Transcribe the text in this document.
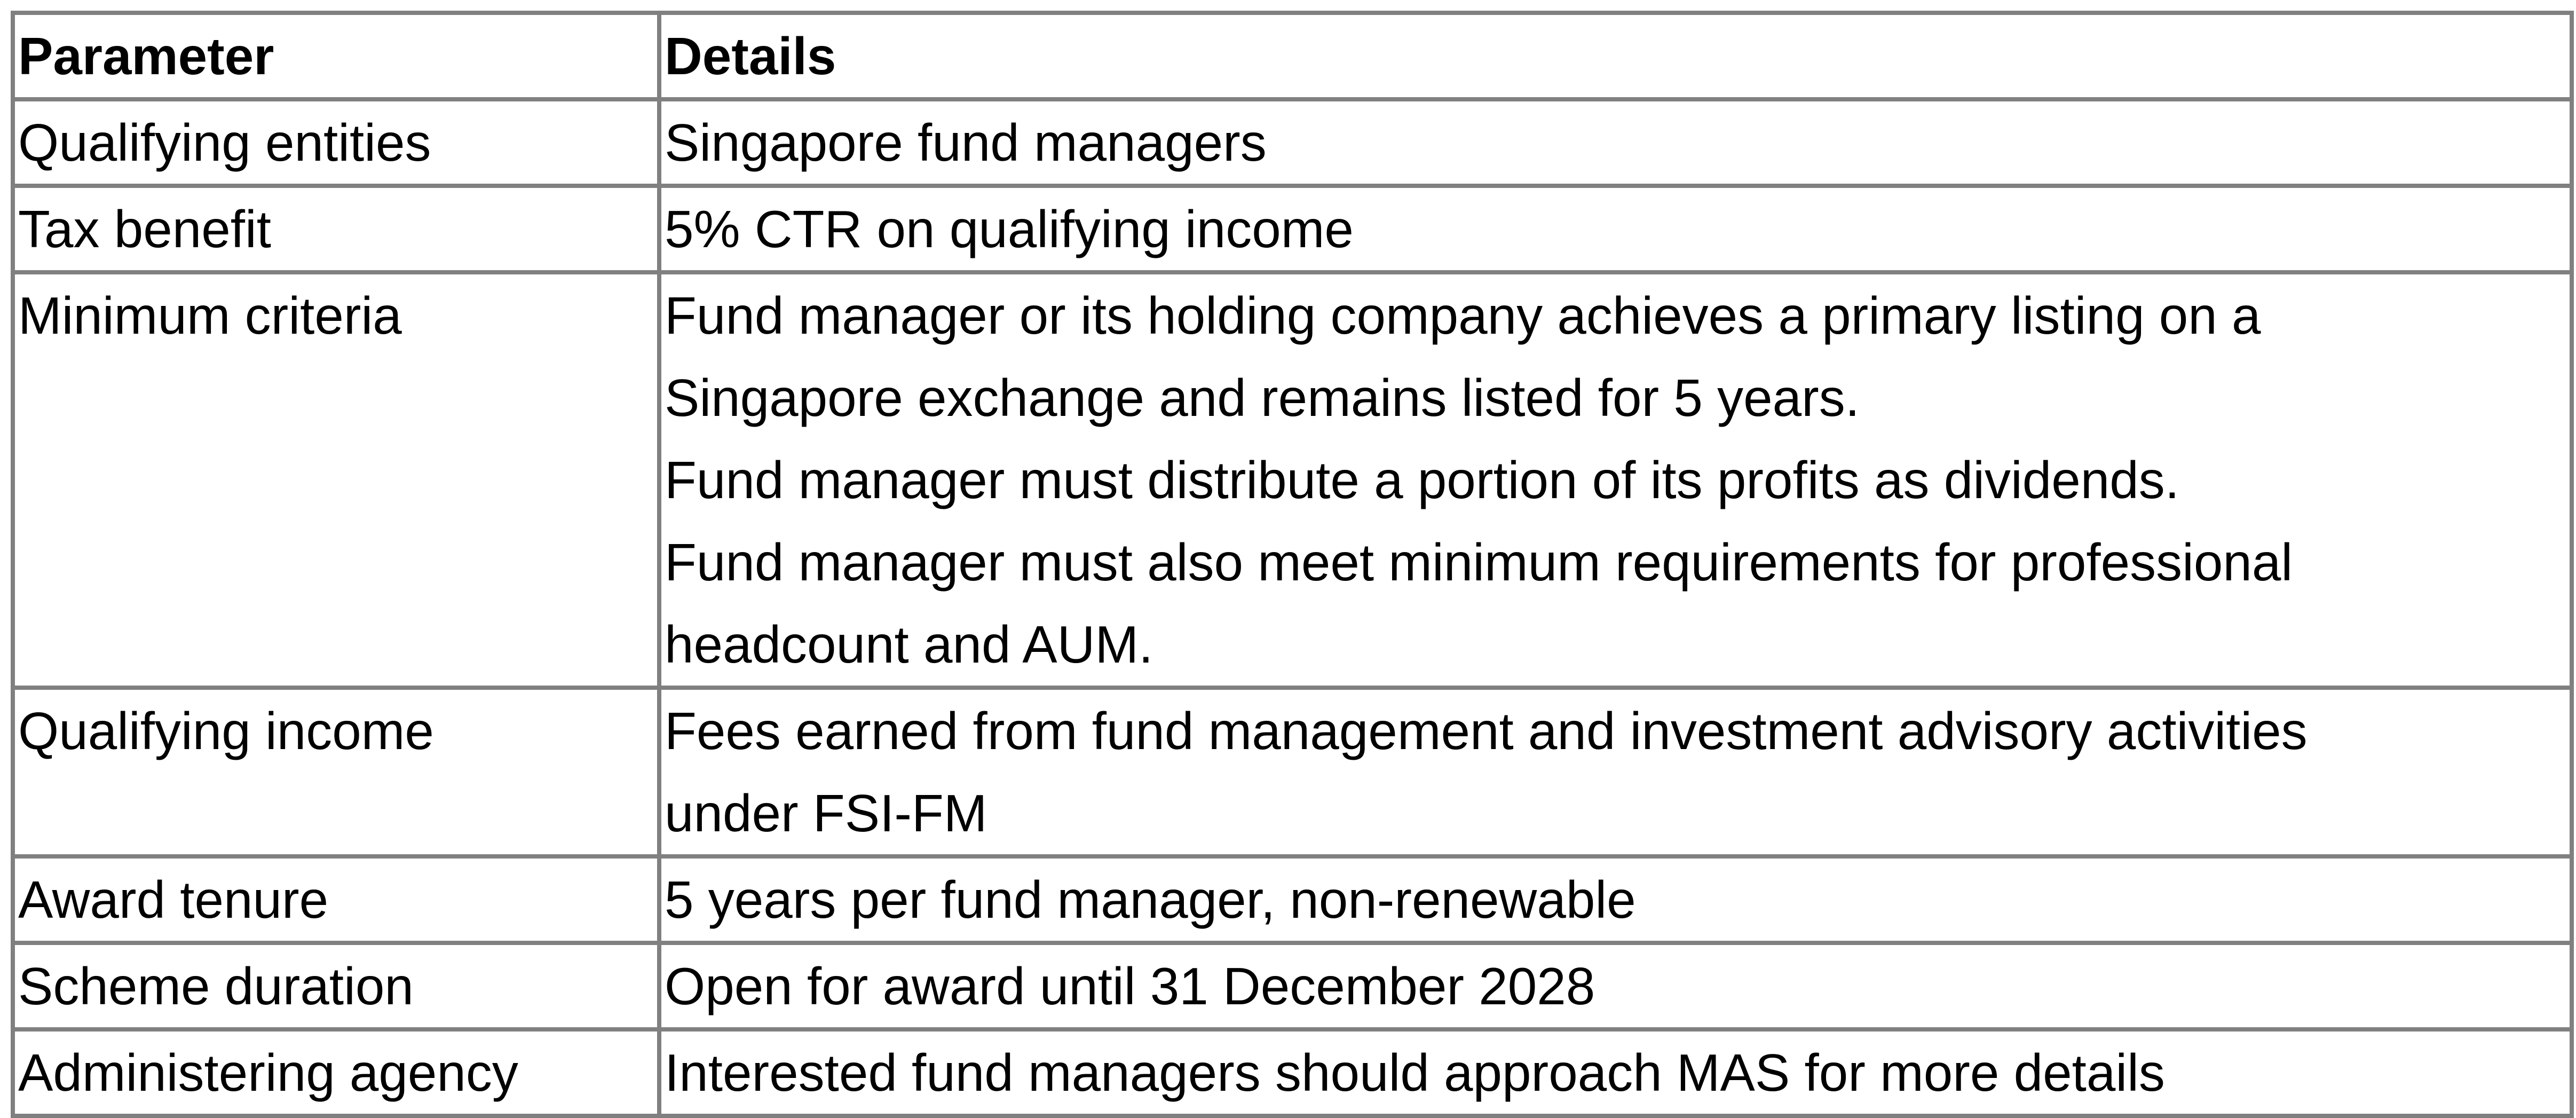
Parameter	Details
Qualifying entities	Singapore fund managers

Tax benefit	5% CTR on qualifying income

Minimum criteria	Fund manager or its holding company achieves a primary listing on a
Singapore exchange and remains listed for 5 years.
Fund manager must distribute a portion of its profits as dividends.
Fund manager must also meet minimum requirements for professional
headcount and AUM.

Qualifying income	Fees earned from fund management and investment advisory activities
under FSI-FM

Award tenure	5 years per fund manager, non-renewable

Scheme duration	Open for award until 31 December 2028

Administering agency	Interested fund managers should approach MAS for more details
